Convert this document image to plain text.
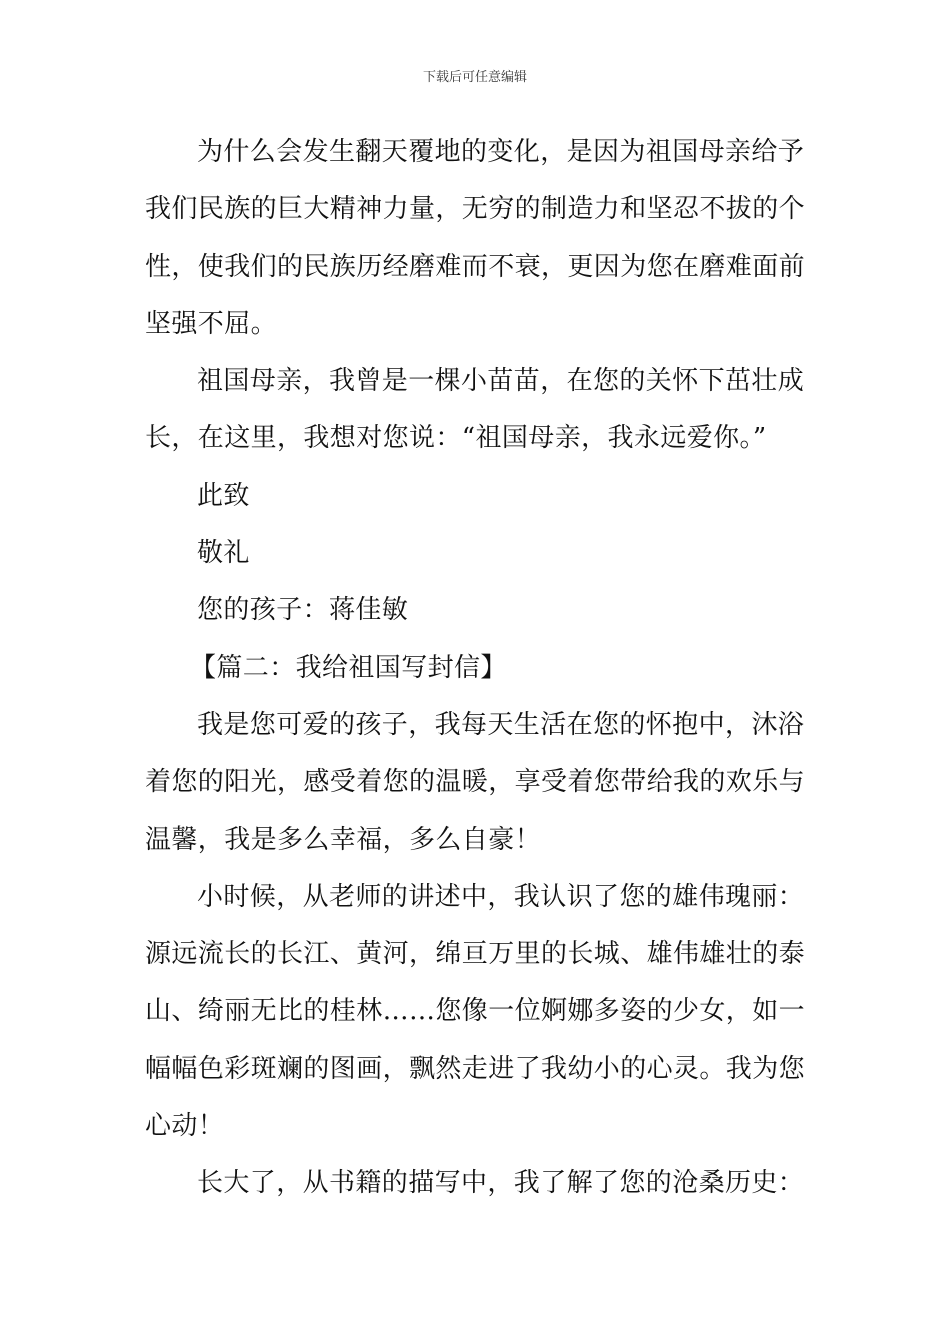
下载后可任意编辑
为什么会发生翻天覆地的变化，是因为祖国母亲给予
我们民族的巨大精神力量，无穷的制造力和坚忍不拔的个
性，使我们的民族历经磨难而不衰，更因为您在磨难面前
坚强不屈。
祖国母亲，我曾是一棵小苗苗，在您的关怀下茁壮成
长，在这里，我想对您说：“祖国母亲，我永远爱你。”
此致
敬礼
您的孩子：蒋佳敏
【篇二：我给祖国写封信】
我是您可爱的孩子，我每天生活在您的怀抱中，沐浴
着您的阳光，感受着您的温暖，享受着您带给我的欢乐与
温馨，我是多么幸福，多么自豪！
小时候，从老师的讲述中，我认识了您的雄伟瑰丽：
源远流长的长江、黄河，绵亘万里的长城、雄伟雄壮的泰
山、绮丽无比的桂林……您像一位婀娜多姿的少女，如一
幅幅色彩斑斓的图画，飘然走进了我幼小的心灵。我为您
心动！
长大了，从书籍的描写中，我了解了您的沧桑历史：
